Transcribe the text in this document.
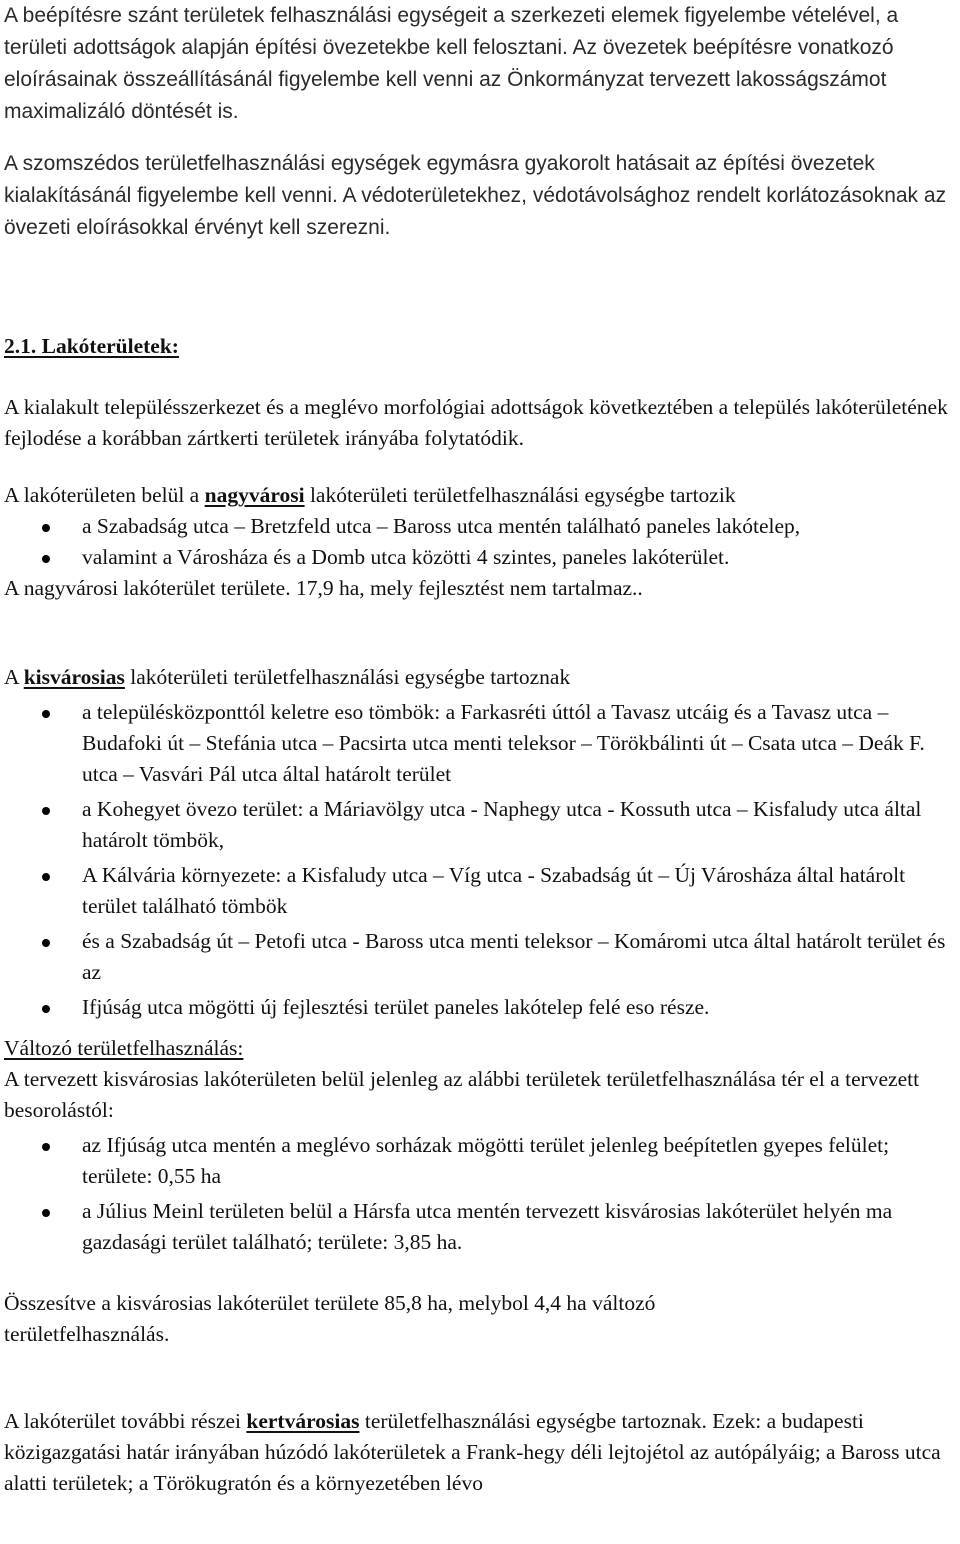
A beépítésre szánt területek felhasználási egységeit a szerkezeti elemek figyelembe vételével, a területi adottságok alapján építési övezetekbe kell felosztani. Az övezetek beépítésre vonatkozó eloírásainak összeállításánál figyelembe kell venni az Önkormányzat tervezett lakosságszámot maximalizáló döntését is.

A szomszédos területfelhasználási egységek egymásra gyakorolt hatásait az építési övezetek kialakításánál figyelembe kell venni. A védoterületekhez, védotávolsághoz rendelt korlátozásoknak az övezeti eloírásokkal érvényt kell szerezni.

2.1. Lakóterületek:

A kialakult településszerkezet és a meglévo morfológiai adottságok következtében a település lakóterületének fejlodése a korábban zártkerti területek irányába folytatódik.

A lakóterületen belül a nagyvárosi lakóterületi területfelhasználási egységbe tartozik

a Szabadság utca – Bretzfeld utca – Baross utca mentén található paneles lakótelep,
valamint a Városháza és a Domb utca közötti 4 szintes, paneles lakóterület.

A nagyvárosi lakóterület területe. 17,9 ha, mely fejlesztést nem tartalmaz..

A kisvárosias lakóterületi területfelhasználási egységbe tartoznak

a településközponttól keletre eso tömbök: a Farkasréti úttól a Tavasz utcáig és a Tavasz utca – Budafoki út – Stefánia utca – Pacsirta utca menti teleksor – Törökbálinti út – Csata utca – Deák F. utca – Vasvári Pál utca által határolt terület
a Kohegyet övezo terület: a Máriavölgy utca - Naphegy utca - Kossuth utca – Kisfaludy utca által határolt tömbök,
A Kálvária környezete: a Kisfaludy utca – Víg utca - Szabadság út – Új Városháza által határolt terület található tömbök
és a Szabadság út – Petofi utca - Baross utca menti teleksor – Komáromi utca által határolt terület és az
Ifjúság utca mögötti új fejlesztési terület paneles lakótelep felé eso része.

Változó területfelhasználás:

A tervezett kisvárosias lakóterületen belül jelenleg az alábbi területek területfelhasználása tér el a tervezett besorolástól:

az Ifjúság utca mentén a meglévo sorházak mögötti terület jelenleg beépítetlen gyepes felület; területe: 0,55 ha
a Július Meinl területen belül a Hársfa utca mentén tervezett kisvárosias lakóterület helyén ma gazdasági terület található; területe: 3,85 ha.

Összesítve a kisvárosias lakóterület területe 85,8 ha, melybol 4,4 ha változó területfelhasználás.

A lakóterület további részei kertvárosias területfelhasználási egységbe tartoznak. Ezek: a budapesti közigazgatási határ irányában húzódó lakóterületek a Frank-hegy déli lejtojétol az autópályáig; a Baross utca alatti területek; a Törökugratón és a környezetében lévo
